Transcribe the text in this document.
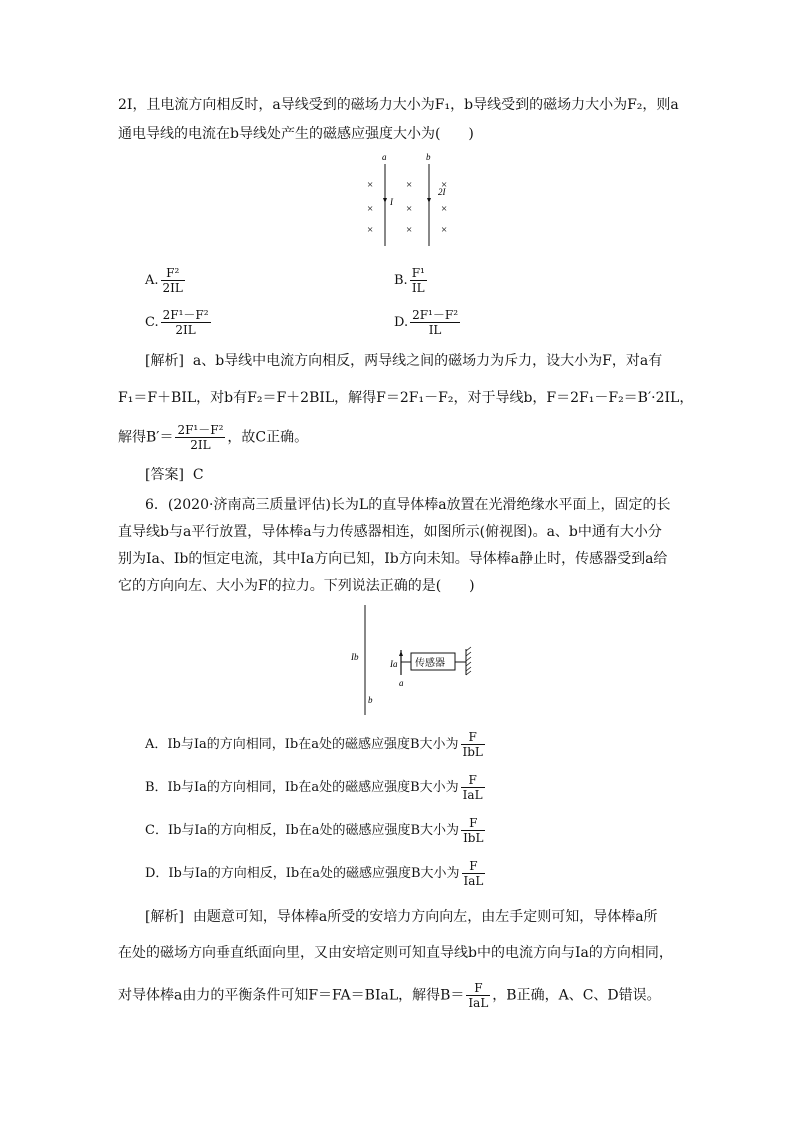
2I，且电流方向相反时，a导线受到的磁场力大小为F₁，b导线受到的磁场力大小为F₂，则a
通电导线的电流在b导线处产生的磁感应强度大小为(　　)
a	b
I
2I
×
×
×
×
×
×
×
×
×
A. $\frac{\text{F²}}{2IL}$	B. $\frac{\text{F¹}}{IL}$
C. $\frac{\text{2F¹－F²}}{2IL}$	D. $\frac{\text{2F¹－F²}}{IL}$
[解析] a、b导线中电流方向相反，两导线之间的磁场力为斥力，设大小为F，对a有
F₁＝F＋BIL，对b有F₂＝F＋2BIL，解得F＝2F₁－F₂，对于导线b，F＝2F₁－F₂＝B′·2IL，
解得$B'= \frac{\text{2F¹－F²}}{2IL}$ ，故C正确。
[答案] C
6．(2020·济南高三质量评估)长为L的直导体棒a放置在光滑绝缘水平面上，固定的长
直导线b与a平行放置，导体棒a与力传感器相连，如图所示(俯视图)。a、b中通有大小分
别为Ia、Ib的恒定电流，其中Ia方向已知，Ib方向未知。导体棒a静止时，传感器受到a给
它的方向向左、大小为F的拉力。下列说法正确的是(　　)
Ib
b
Ia
a
传感器
A．Ib与Ia的方向相同，Ib在a处的磁感应强度B大小为 $\frac{F}{\text{IbL}}$
B．Ib与Ia的方向相同，Ib在a处的磁感应强度B大小为 $\frac{F}{\text{IaL}}$
C．Ib与Ia的方向相反，Ib在a处的磁感应强度B大小为 $\frac{F}{\text{IbL}}$
D．Ib与Ia的方向相反，Ib在a处的磁感应强度B大小为 $\frac{F}{\text{IaL}}$
[解析] 由题意可知，导体棒a所受的安培力方向向左，由左手定则可知，导体棒a所
在处的磁场方向垂直纸面向里，又由安培定则可知直导线b中的电流方向与Ia的方向相同，
对导体棒a由力的平衡条件可知F＝FA＝BIaL，解得$B= \frac{F}{\text{IaL}}$ ，B正确，A、C、D错误。
